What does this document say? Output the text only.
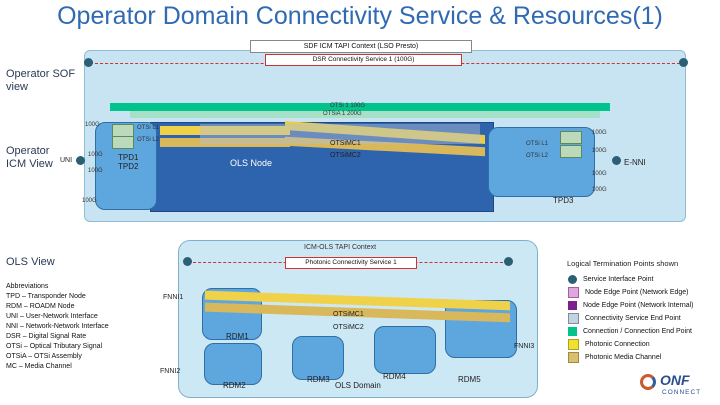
Operator Domain Connectivity Service & Resources(1)
SDF ICM TAPI Context (LSO Presto)
DSR Connectivity Service 1 (100G)
Operator SOF view
Operator ICM View
OTSi 1 100G
OTSiA 1 200G
TPD1
TPD2
100G
100G
100G
100G
OTSi L1
OTSi L2
UNI
OTSiMC1
OTSiMC2
OLS Node
OTSi L1
OTSi L2
100G
100G
100G
100G
E-NNI
TPD3
ICM-OLS TAPI Context
Photonic Connectivity Service 1
OLS View
OTSiMC1
OTSiMC2
FNNI1
FNNI2
FNNI3
RDM1
RDM2
RDM3	RDM4	RDM5
OLS Domain
Abbreviations
TPD – Transponder Node
RDM – ROADM Node
UNI – User-Network Interface
NNI – Network-Network Interface
DSR – Digital Signal Rate
OTSi – Optical Tributary Signal
OTSiA – OTSi Assembly
MC – Media Channel
Logical Termination Points shown
Service Interface Point
Node Edge Point (Network Edge)
Node Edge Point (Network Internal)
Connectivity Service End Point
Connection / Connection End Point
Photonic Connection
Photonic Media Channel
ONF
CONNECT
